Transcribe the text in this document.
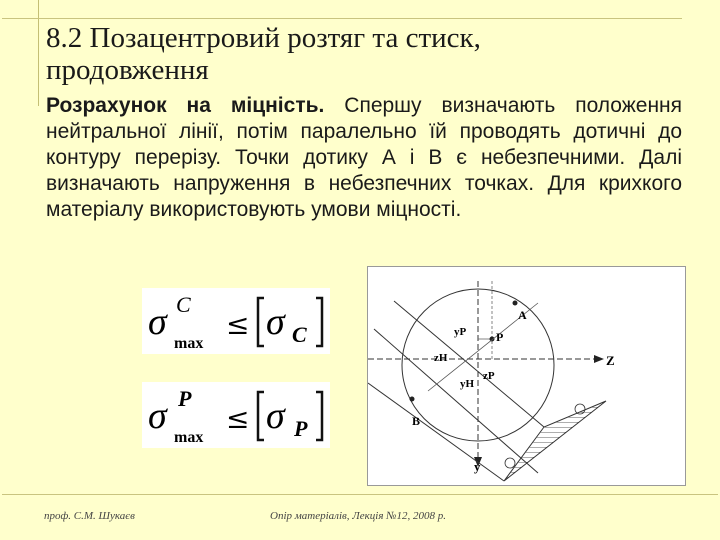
8.2 Позацентровий розтяг та стиск,
продовження
Розрахунок на міцність. Спершу визначають положення нейтральної лінії, потім паралельно їй проводять дотичні до контуру перерізу. Точки дотику А і В є небезпечними. Далі визначають напруження в небезпечних точках. Для крихкого матеріалу використовують умови міцності.
σ C
max
≤ σ C
σ P
max
≤ σ P
A
B
P
Z
y
yP
zP
zH
yH
проф. С.М. Шукаєв	Опір матеріалів, Лекція №12, 2008 р.
